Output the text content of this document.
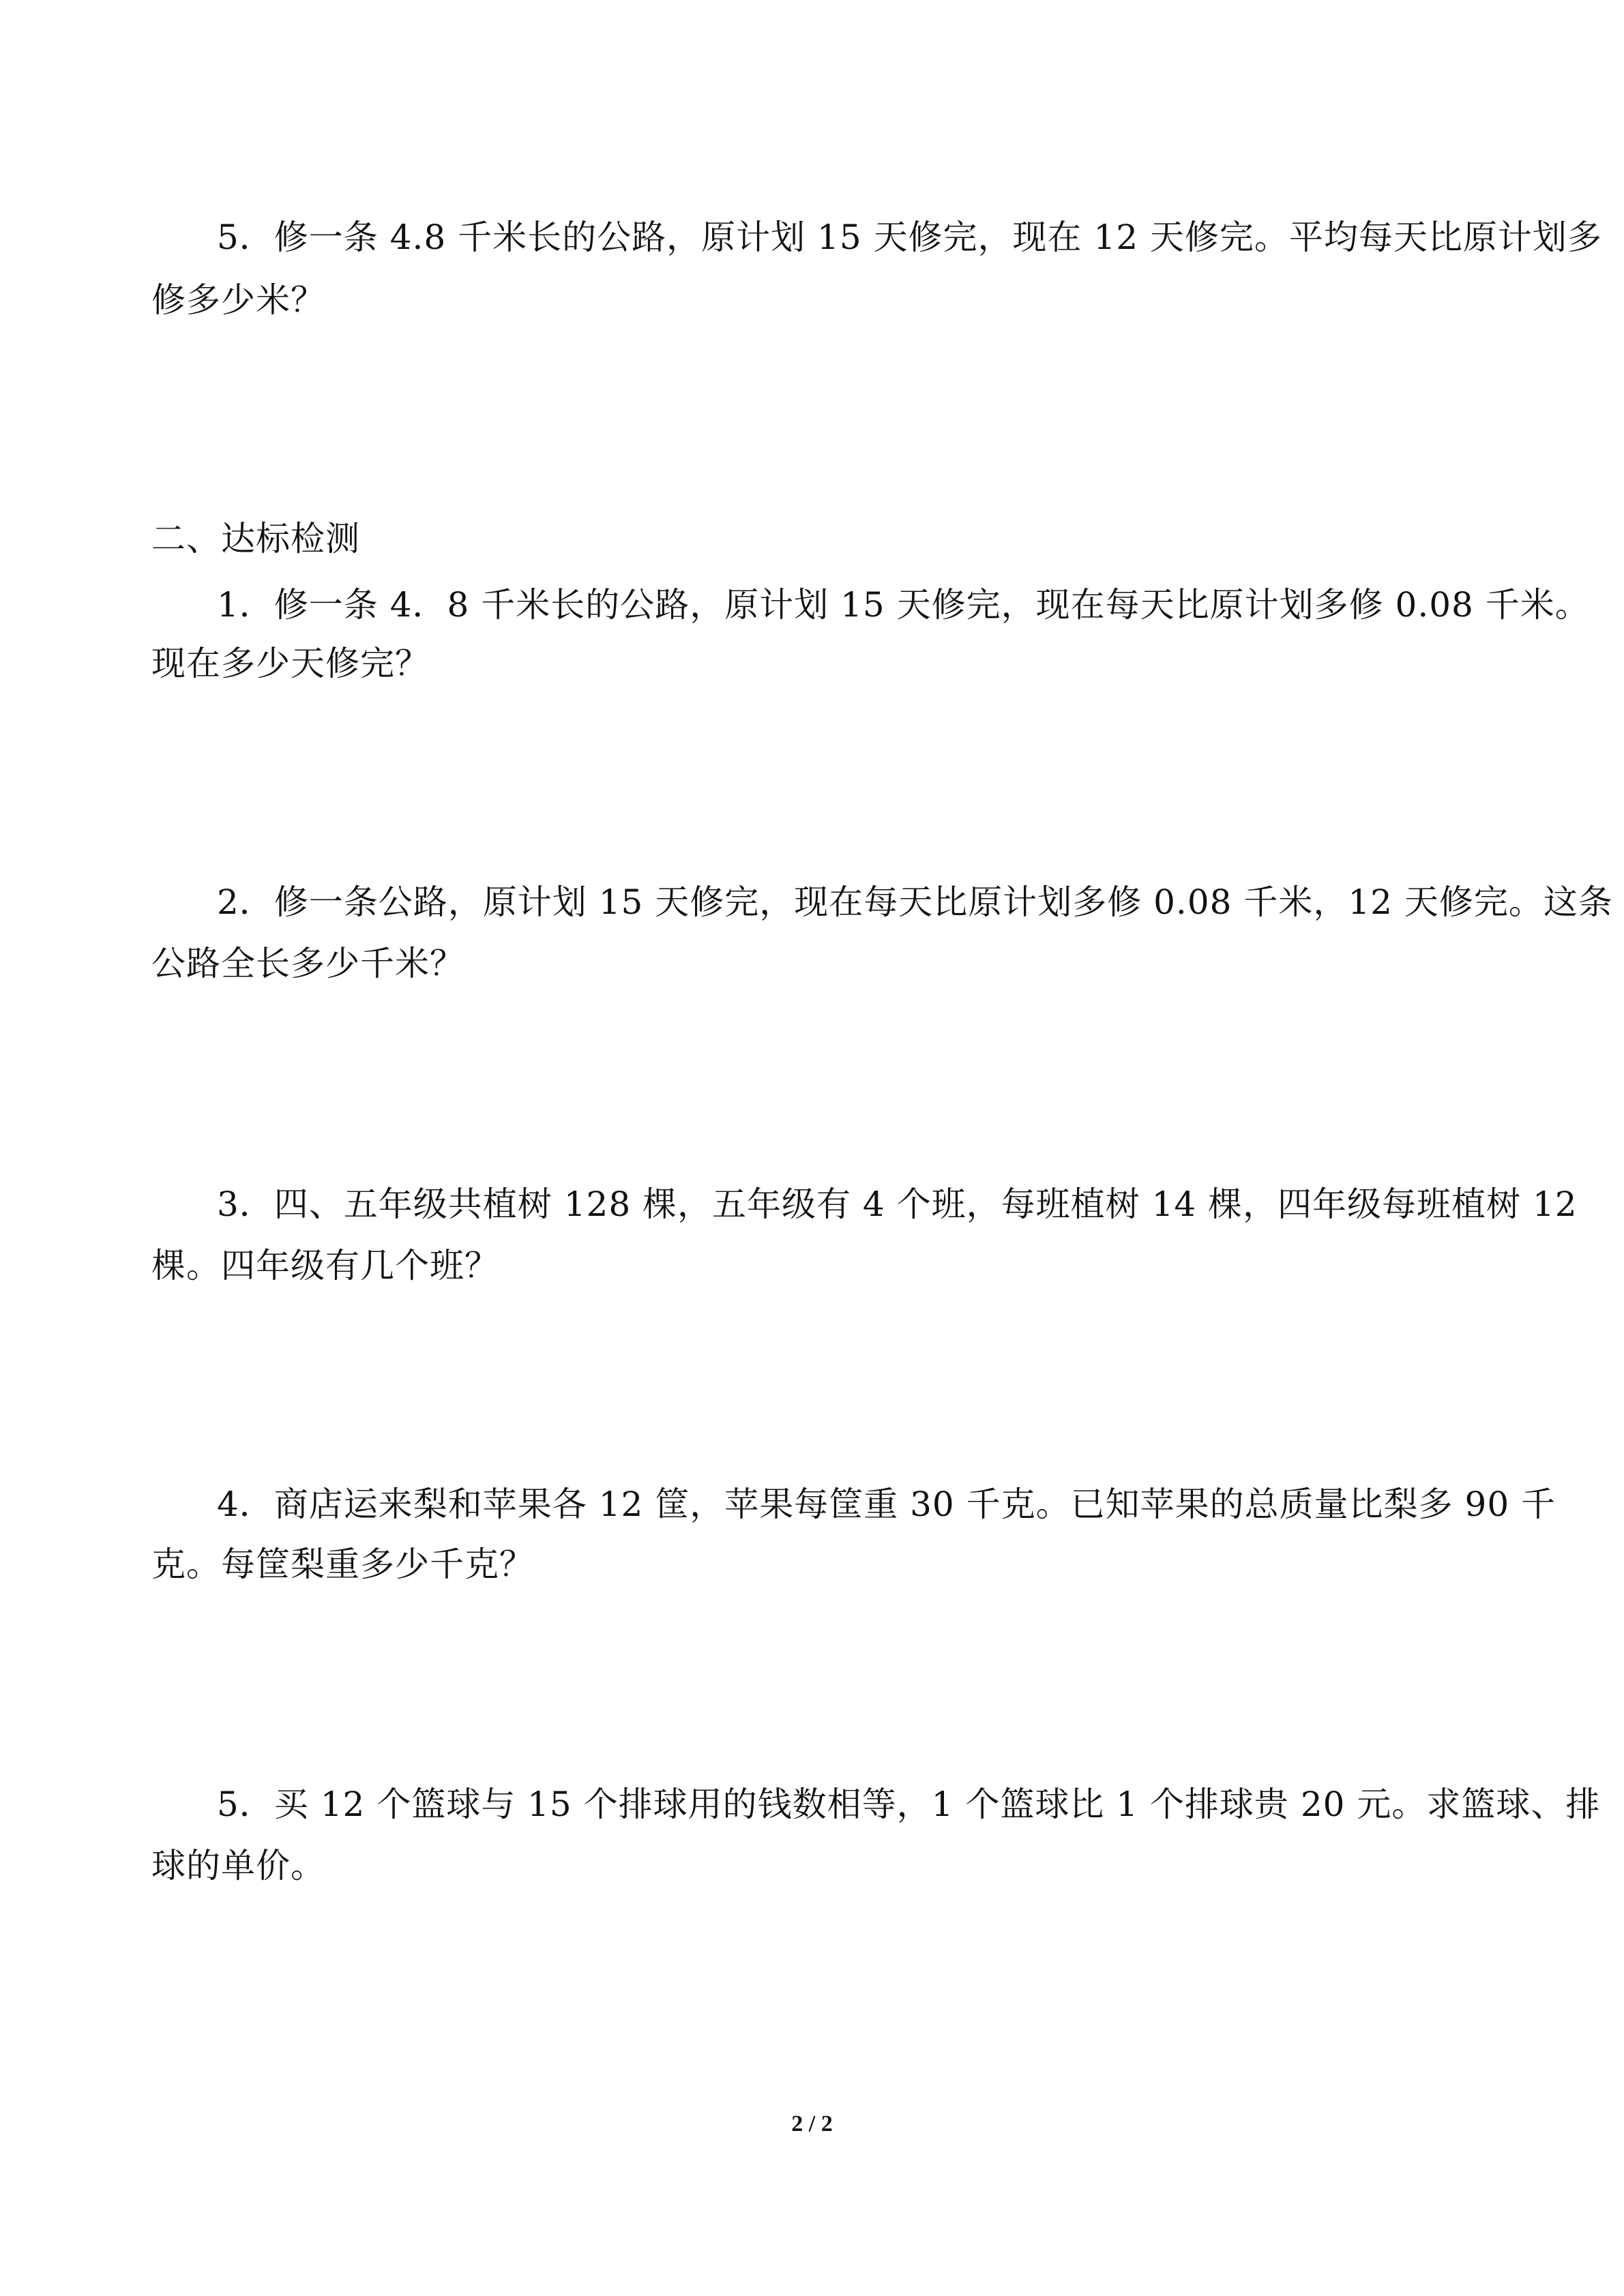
5．修一条 4.8 千米长的公路，原计划 15 天修完，现在 12 天修完。平均每天比原计划多
修多少米？
二、达标检测
1．修一条 4．8 千米长的公路，原计划 15 天修完，现在每天比原计划多修 0.08 千米。
现在多少天修完？
2．修一条公路，原计划 15 天修完，现在每天比原计划多修 0.08 千米，12 天修完。这条
公路全长多少千米？
3．四、五年级共植树 128 棵，五年级有 4 个班，每班植树 14 棵，四年级每班植树 12
棵。四年级有几个班？
4．商店运来梨和苹果各 12 筐，苹果每筐重 30 千克。已知苹果的总质量比梨多 90 千
克。每筐梨重多少千克？
5．买 12 个篮球与 15 个排球用的钱数相等，1 个篮球比 1 个排球贵 20 元。求篮球、排
球的单价。
2 / 2
